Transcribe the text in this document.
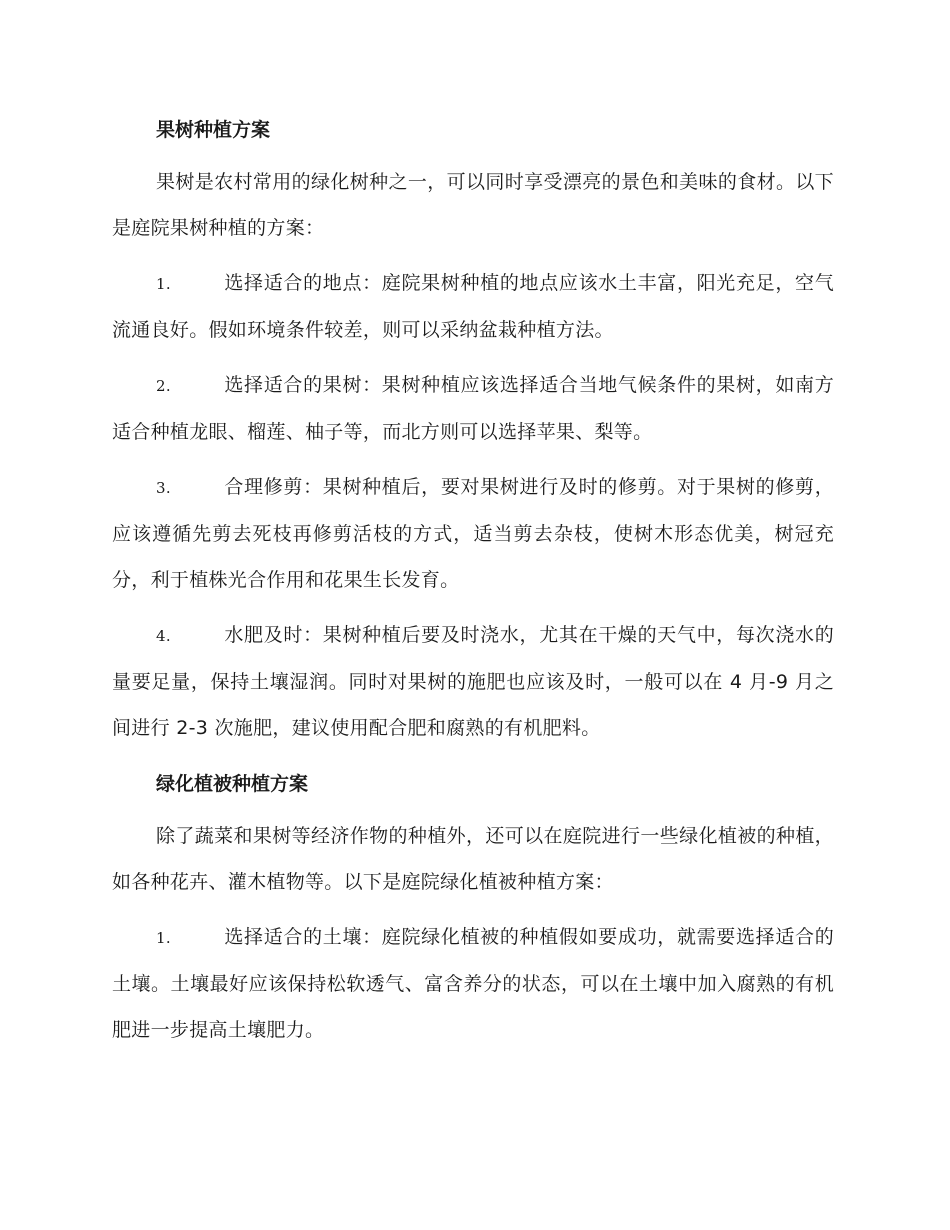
果树种植方案

果树是农村常用的绿化树种之一，可以同时享受漂亮的景色和美味的食材。以下是庭院果树种植的方案：

1.	选择适合的地点：庭院果树种植的地点应该水土丰富，阳光充足，空气流通良好。假如环境条件较差，则可以采纳盆栽种植方法。

2.	选择适合的果树：果树种植应该选择适合当地气候条件的果树，如南方适合种植龙眼、榴莲、柚子等，而北方则可以选择苹果、梨等。

3.	合理修剪：果树种植后，要对果树进行及时的修剪。对于果树的修剪，应该遵循先剪去死枝再修剪活枝的方式，适当剪去杂枝，使树木形态优美，树冠充分，利于植株光合作用和花果生长发育。

4.	水肥及时：果树种植后要及时浇水，尤其在干燥的天气中，每次浇水的量要足量，保持土壤湿润。同时对果树的施肥也应该及时，一般可以在 4 月-9 月之间进行 2-3 次施肥，建议使用配合肥和腐熟的有机肥料。

绿化植被种植方案

除了蔬菜和果树等经济作物的种植外，还可以在庭院进行一些绿化植被的种植，如各种花卉、灌木植物等。以下是庭院绿化植被种植方案：

1.	选择适合的土壤：庭院绿化植被的种植假如要成功，就需要选择适合的土壤。土壤最好应该保持松软透气、富含养分的状态，可以在土壤中加入腐熟的有机肥进一步提高土壤肥力。
